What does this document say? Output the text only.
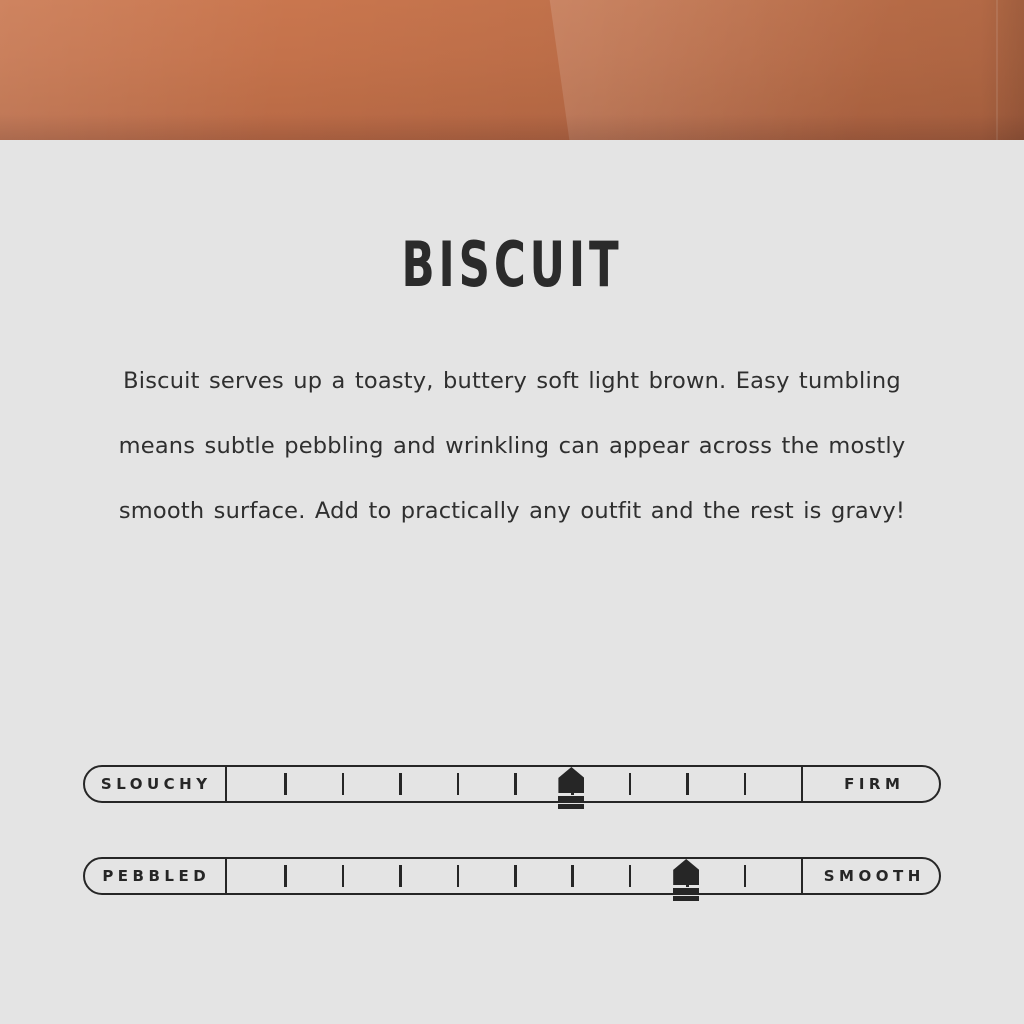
BISCUIT

Biscuit serves up a toasty, buttery soft light brown. Easy tumbling means subtle pebbling and wrinkling can appear across the mostly smooth surface. Add to practically any outfit and the rest is gravy!

SLOUCHY	FIRM
PEBBLED	SMOOTH
